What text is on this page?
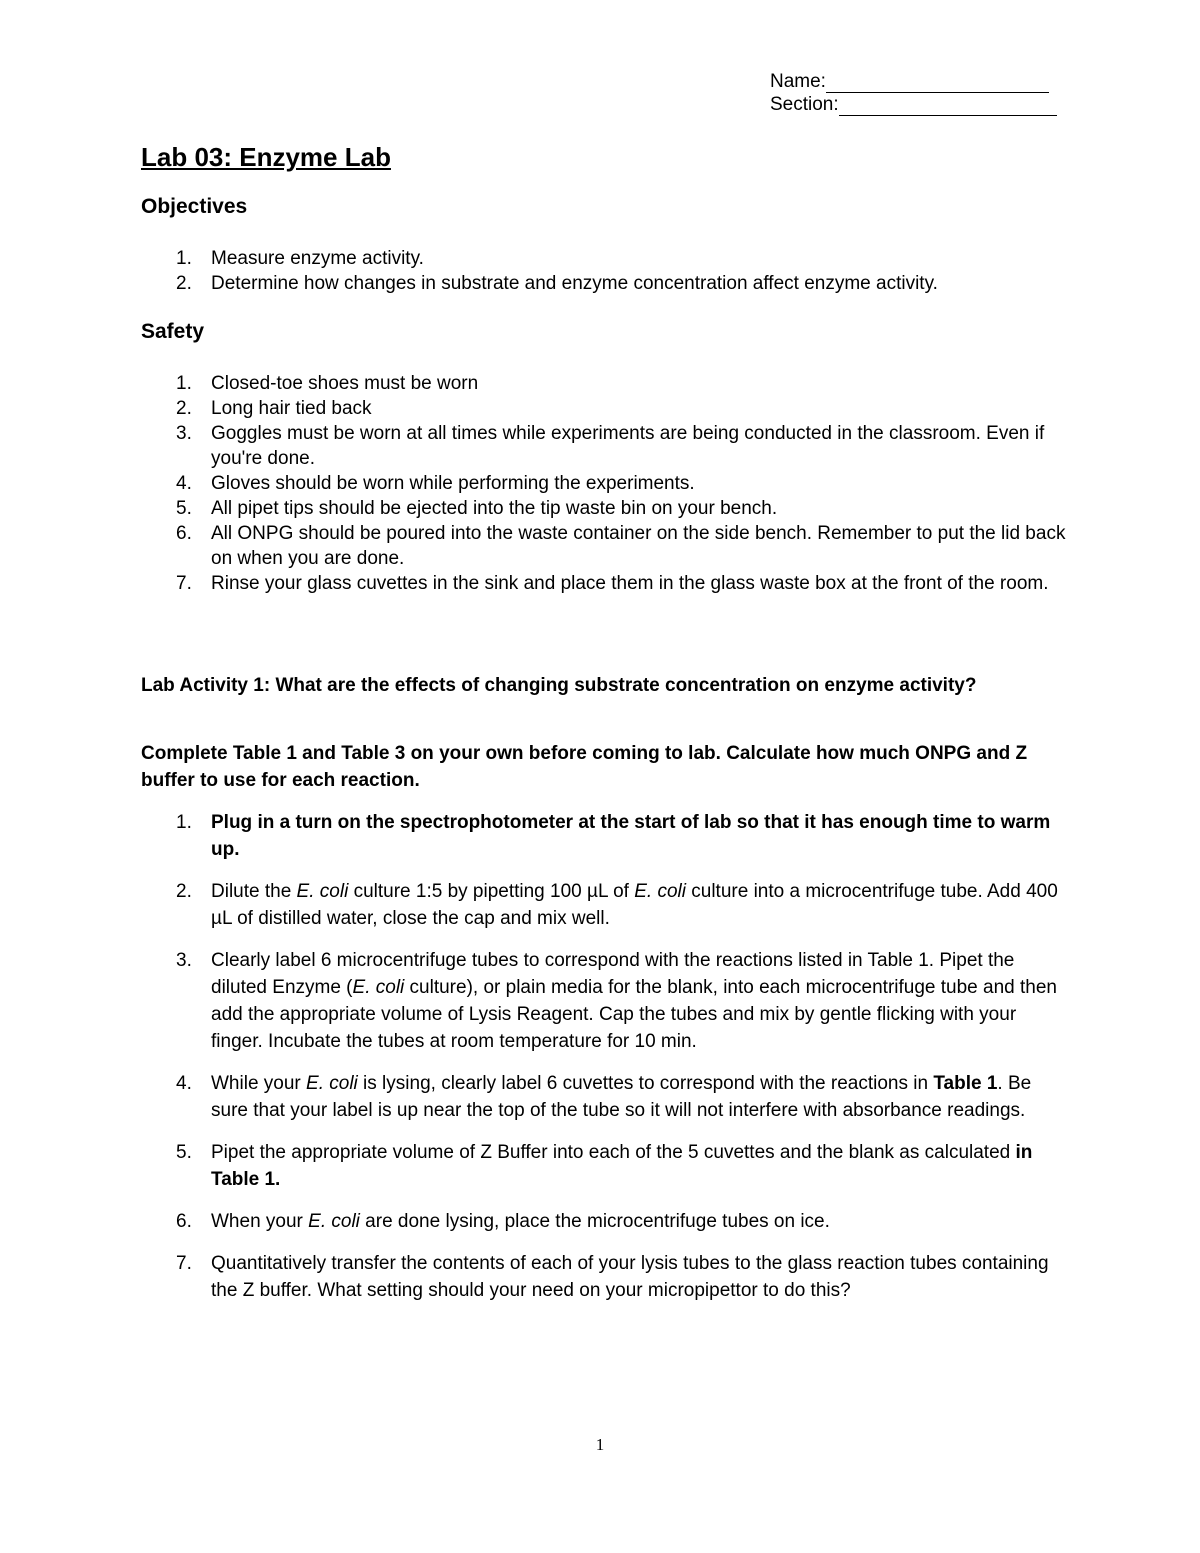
Name:
Section:
Lab 03: Enzyme Lab
Objectives
1. Measure enzyme activity.
2. Determine how changes in substrate and enzyme concentration affect enzyme activity.
Safety
1. Closed-toe shoes must be worn
2. Long hair tied back
3. Goggles must be worn at all times while experiments are being conducted in the classroom. Even if you're done.
4. Gloves should be worn while performing the experiments.
5. All pipet tips should be ejected into the tip waste bin on your bench.
6. All ONPG should be poured into the waste container on the side bench. Remember to put the lid back on when you are done.
7. Rinse your glass cuvettes in the sink and place them in the glass waste box at the front of the room.

Lab Activity 1: What are the effects of changing substrate concentration on enzyme activity?

Complete Table 1 and Table 3 on your own before coming to lab. Calculate how much ONPG and Z buffer to use for each reaction.

1. Plug in a turn on the spectrophotometer at the start of lab so that it has enough time to warm up.
2. Dilute the E. coli culture 1:5 by pipetting 100 µL of E. coli culture into a microcentrifuge tube. Add 400 µL of distilled water, close the cap and mix well.
3. Clearly label 6 microcentrifuge tubes to correspond with the reactions listed in Table 1. Pipet the diluted Enzyme (E. coli culture), or plain media for the blank, into each microcentrifuge tube and then add the appropriate volume of Lysis Reagent. Cap the tubes and mix by gentle flicking with your finger. Incubate the tubes at room temperature for 10 min.
4. While your E. coli is lysing, clearly label 6 cuvettes to correspond with the reactions in Table 1. Be sure that your label is up near the top of the tube so it will not interfere with absorbance readings.
5. Pipet the appropriate volume of Z Buffer into each of the 5 cuvettes and the blank as calculated in Table 1.
6. When your E. coli are done lysing, place the microcentrifuge tubes on ice.
7. Quantitatively transfer the contents of each of your lysis tubes to the glass reaction tubes containing the Z buffer. What setting should your need on your micropipettor to do this?
1
